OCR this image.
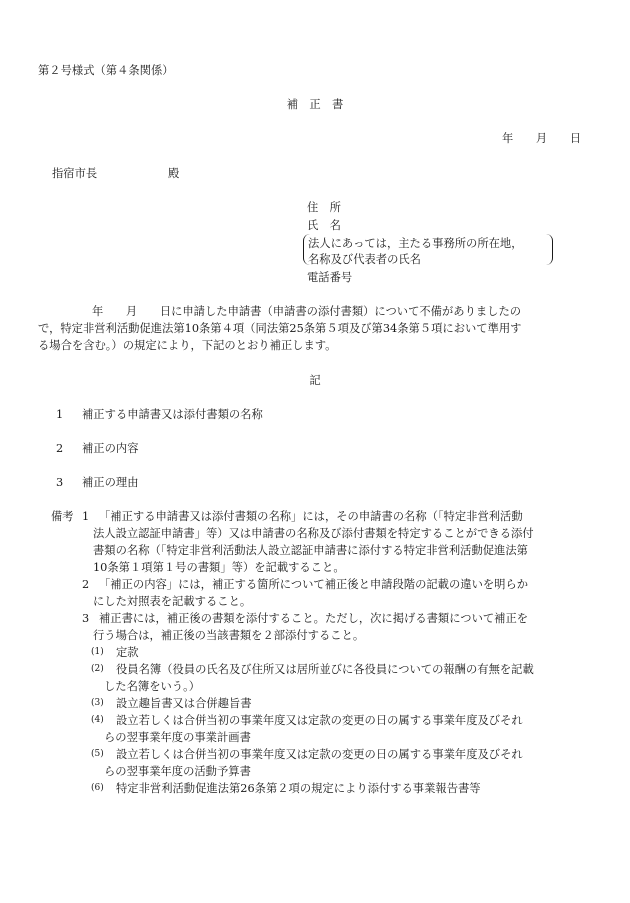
第２号様式（第４条関係）
補　正　書
年　　月　　日
指宿市長	殿
住　所
氏　名
法人にあっては，主たる事務所の所在地，
名称及び代表者の氏名
電話番号
年　　月　　日に申請した申請書（申請書の添付書類）について不備がありましたの
で，特定非営利活動促進法第10条第４項（同法第25条第５項及び第34条第５項において準用す
る場合を含む。）の規定により，下記のとおり補正します。
記
1 補正する申請書又は添付書類の名称
2 補正の内容
3 補正の理由
備考 1 「補正する申請書又は添付書類の名称」には，その申請書の名称（「特定非営利活動
法人設立認証申請書」等）又は申請書の名称及び添付書類を特定することができる添付
書類の名称（「特定非営利活動法人設立認証申請書に添付する特定非営利活動促進法第
10条第１項第１号の書類」等）を記載すること。
2 「補正の内容」には，補正する箇所について補正後と申請段階の記載の違いを明らか
にした対照表を記載すること。
3 補正書には，補正後の書類を添付すること。ただし，次に掲げる書類について補正を
行う場合は，補正後の当該書類を２部添付すること。
(1) 定款
(2) 役員名簿（役員の氏名及び住所又は居所並びに各役員についての報酬の有無を記載
した名簿をいう。）
(3) 設立趣旨書又は合併趣旨書
(4) 設立若しくは合併当初の事業年度又は定款の変更の日の属する事業年度及びそれ
らの翌事業年度の事業計画書
(5) 設立若しくは合併当初の事業年度又は定款の変更の日の属する事業年度及びそれ
らの翌事業年度の活動予算書
(6) 特定非営利活動促進法第26条第２項の規定により添付する事業報告書等
